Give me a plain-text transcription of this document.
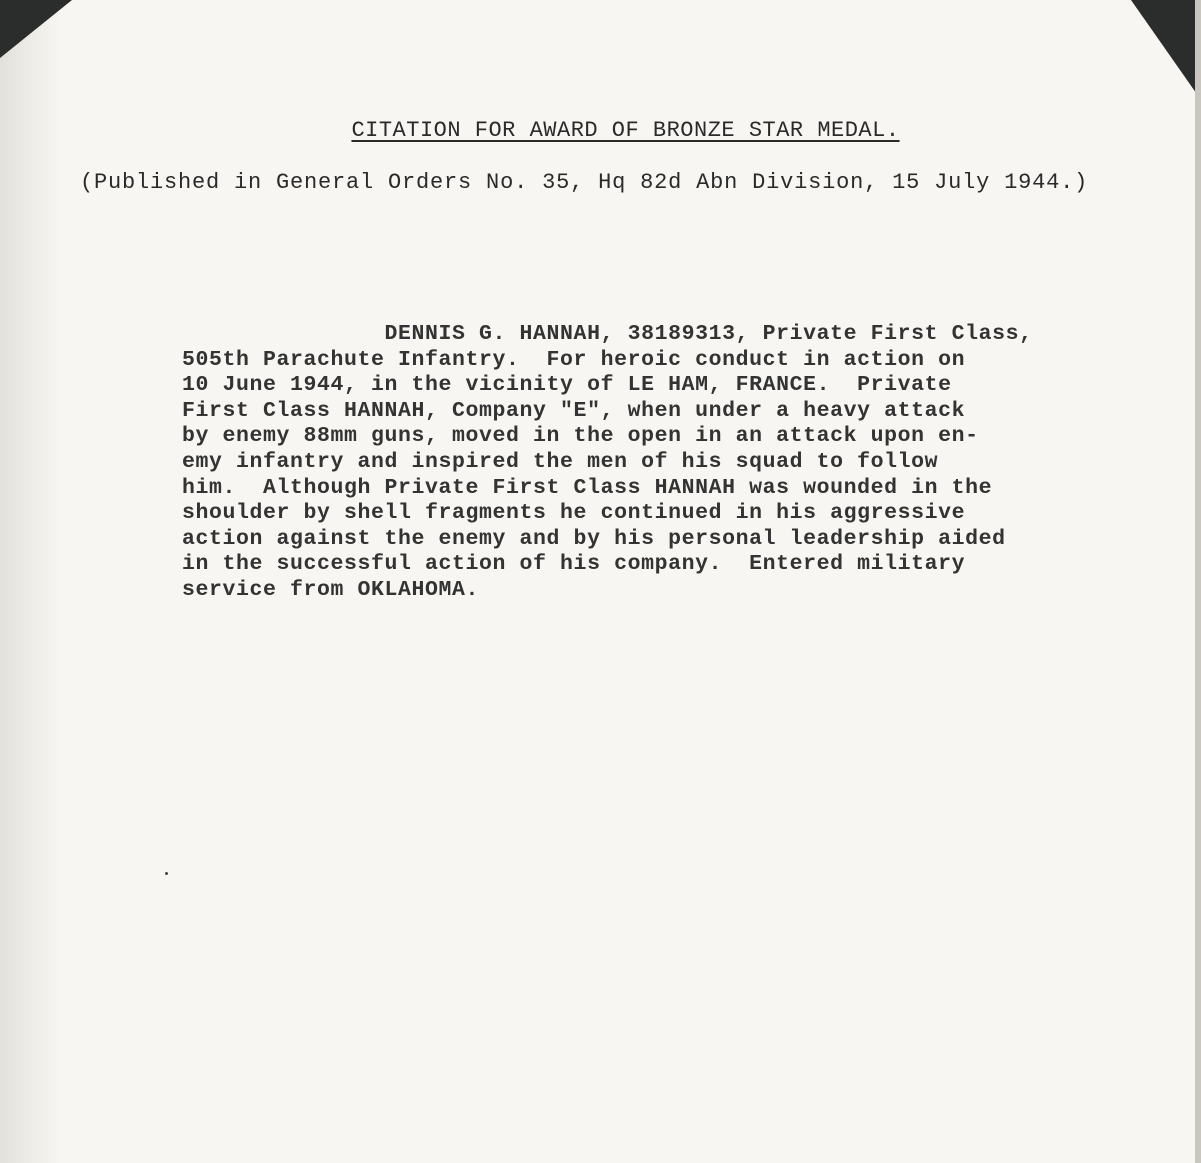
CITATION FOR AWARD OF BRONZE STAR MEDAL.
(Published in General Orders No. 35, Hq 82d Abn Division, 15 July 1944.)
DENNIS G. HANNAH, 38189313, Private First Class,
505th Parachute Infantry.  For heroic conduct in action on
10 June 1944, in the vicinity of LE HAM, FRANCE.  Private
First Class HANNAH, Company "E", when under a heavy attack
by enemy 88mm guns, moved in the open in an attack upon en-
emy infantry and inspired the men of his squad to follow
him.  Although Private First Class HANNAH was wounded in the
shoulder by shell fragments he continued in his aggressive
action against the enemy and by his personal leadership aided
in the successful action of his company.  Entered military
service from OKLAHOMA.
